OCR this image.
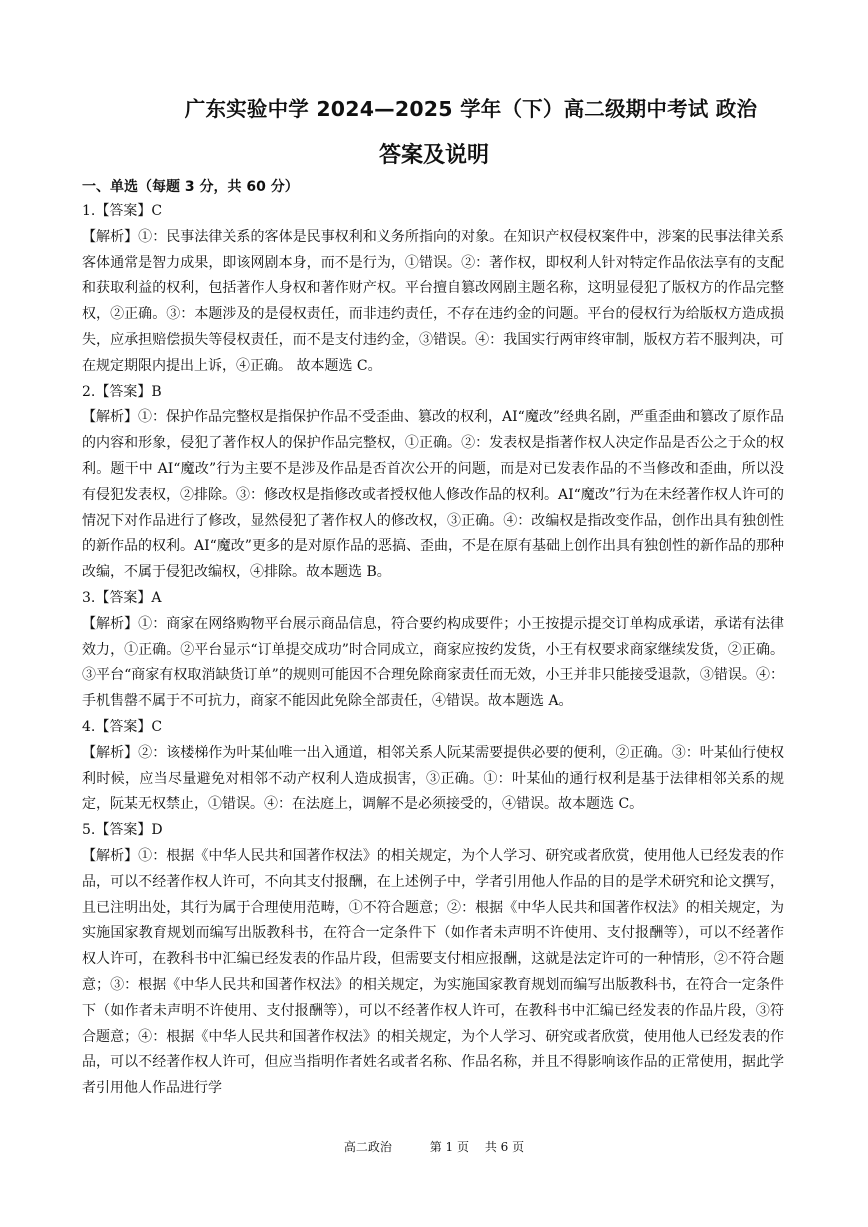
广东实验中学 2024—2025 学年（下）高二级期中考试 政治
答案及说明
一、单选（每题 3 分，共 60 分）

1.【答案】C

【解析】①：民事法律关系的客体是民事权利和义务所指向的对象。在知识产权侵权案件中，涉案的民事法律关系客体通常是智力成果，即该网剧本身，而不是行为，①错误。②：著作权，即权利人针对特定作品依法享有的支配和获取利益的权利，包括著作人身权和著作财产权。平台擅自篡改网剧主题名称，这明显侵犯了版权方的作品完整权，②正确。③：本题涉及的是侵权责任，而非违约责任，不存在违约金的问题。平台的侵权行为给版权方造成损失，应承担赔偿损失等侵权责任，而不是支付违约金，③错误。④：我国实行两审终审制，版权方若不服判决，可在规定期限内提出上诉，④正确。 故本题选 C。

2.【答案】B

【解析】①：保护作品完整权是指保护作品不受歪曲、篡改的权利，AI“魔改”经典名剧，严重歪曲和篡改了原作品的内容和形象，侵犯了著作权人的保护作品完整权，①正确。②：发表权是指著作权人决定作品是否公之于众的权利。题干中 AI“魔改”行为主要不是涉及作品是否首次公开的问题，而是对已发表作品的不当修改和歪曲，所以没有侵犯发表权，②排除。③：修改权是指修改或者授权他人修改作品的权利。AI“魔改”行为在未经著作权人许可的情况下对作品进行了修改，显然侵犯了著作权人的修改权，③正确。④：改编权是指改变作品，创作出具有独创性的新作品的权利。AI“魔改”更多的是对原作品的恶搞、歪曲，不是在原有基础上创作出具有独创性的新作品的那种改编，不属于侵犯改编权，④排除。故本题选 B。

3.【答案】A

【解析】①：商家在网络购物平台展示商品信息，符合要约构成要件；小王按提示提交订单构成承诺，承诺有法律效力，①正确。②平台显示“订单提交成功”时合同成立，商家应按约发货，小王有权要求商家继续发货，②正确。③平台“商家有权取消缺货订单”的规则可能因不合理免除商家责任而无效，小王并非只能接受退款，③错误。④：手机售罄不属于不可抗力，商家不能因此免除全部责任，④错误。故本题选 A。

4.【答案】C

【解析】②：该楼梯作为叶某仙唯一出入通道，相邻关系人阮某需要提供必要的便利，②正确。③：叶某仙行使权利时候，应当尽量避免对相邻不动产权利人造成损害，③正确。①：叶某仙的通行权利是基于法律相邻关系的规定，阮某无权禁止，①错误。④：在法庭上，调解不是必须接受的，④错误。故本题选 C。

5.【答案】D

【解析】①：根据《中华人民共和国著作权法》的相关规定，为个人学习、研究或者欣赏，使用他人已经发表的作品，可以不经著作权人许可，不向其支付报酬，在上述例子中，学者引用他人作品的目的是学术研究和论文撰写，且已注明出处，其行为属于合理使用范畴，①不符合题意；②：根据《中华人民共和国著作权法》的相关规定，为实施国家教育规划而编写出版教科书，在符合一定条件下（如作者未声明不许使用、支付报酬等），可以不经著作权人许可，在教科书中汇编已经发表的作品片段，但需要支付相应报酬，这就是法定许可的一种情形，②不符合题意；③：根据《中华人民共和国著作权法》的相关规定，为实施国家教育规划而编写出版教科书，在符合一定条件下（如作者未声明不许使用、支付报酬等），可以不经著作权人许可，在教科书中汇编已经发表的作品片段，③符合题意；④：根据《中华人民共和国著作权法》的相关规定，为个人学习、研究或者欣赏，使用他人已经发表的作品，可以不经著作权人许可，但应当指明作者姓名或者名称、作品名称，并且不得影响该作品的正常使用，据此学者引用他人作品进行学

高二政治	第 1 页 共 6 页
